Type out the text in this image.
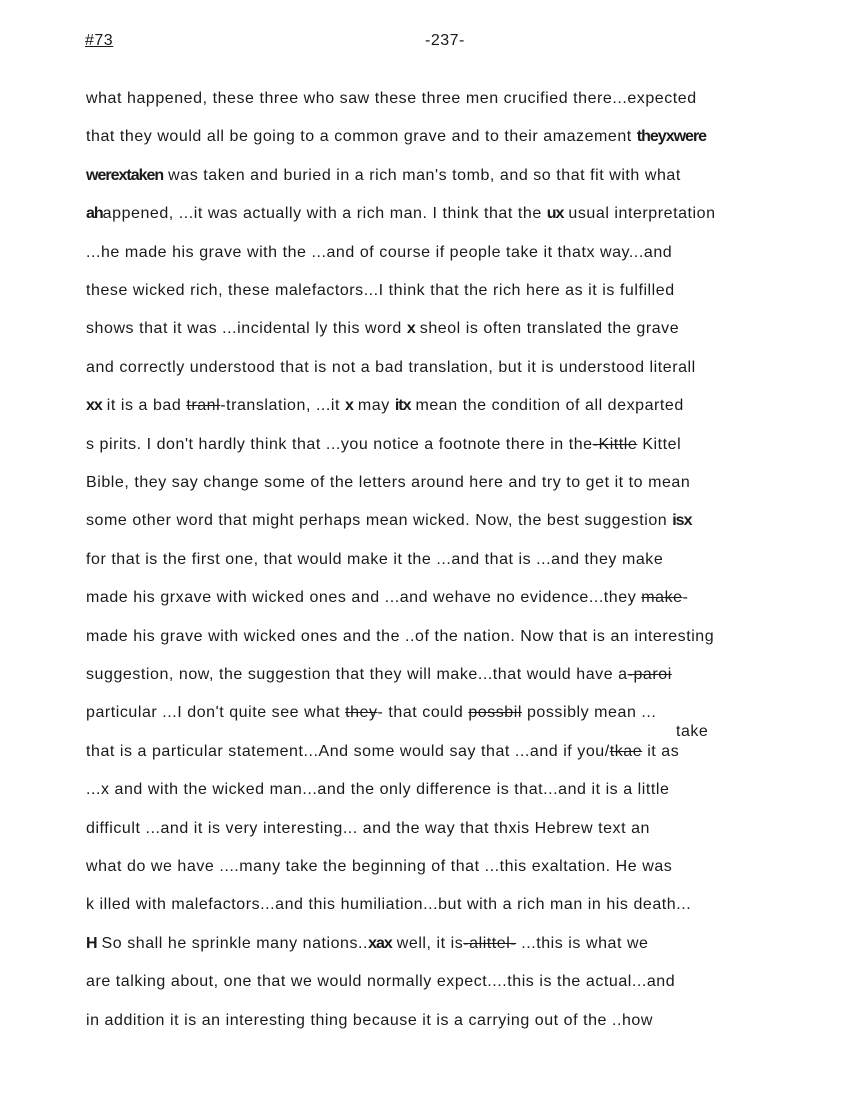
#73	-237-
what happened, these three who saw these three men crucified there...expected
that they would all be going to a common grave and to their amazement theyxwere
werextaken was taken and buried in a rich man's tomb, and so that fit with what
ahappened, ...it was actually with a rich man. I think that the ux usual interpretation
...he made his grave with the ...and of course if people take it thatx way...and
these wicked rich, these malefactors...I think that the rich here as it is fulfilled
shows that it was ...incidental ly this word x sheol is often translated the grave
and correctly understood that is not a bad translation, but it is understood literall
xx it is a bad tranl-translation, ...it x may itx mean the condition of all dexparted
s pirits. I don't hardly think that ...you notice a footnote there in the-Kittle Kittel
Bible, they say change some of the letters around here and try to get it to mean
some other word that might perhaps mean wicked. Now, the best suggestion isx
for that is the first one, that would make it the ...and that is ...and they make
made his grxave with wicked ones and ...and wehave no evidence...they make-
made his grave with wicked ones and the ..of the nation. Now that is an interesting
suggestion, now, the suggestion that they will make...that would have a-paroi
particular ...I don't quite see what they- that could possbil possibly mean ...
that is a particular statement...And some would say that ...and if you/tkae it as
...x and with the wicked man...and the only difference is that...and it is a little
difficult ...and it is very interesting... and the way that thxis Hebrew text an
what do we have ....many take the beginning of that ...this exaltation. He was
k illed with malefactors...and this humiliation...but with a rich man in his death...
H So shall he sprinkle many nations..xax well, it is-alittel- ...this is what we
are talking about, one that we would normally expect....this is the actual...and
in addition it is an interesting thing because it is a carrying out of the ..how
take
